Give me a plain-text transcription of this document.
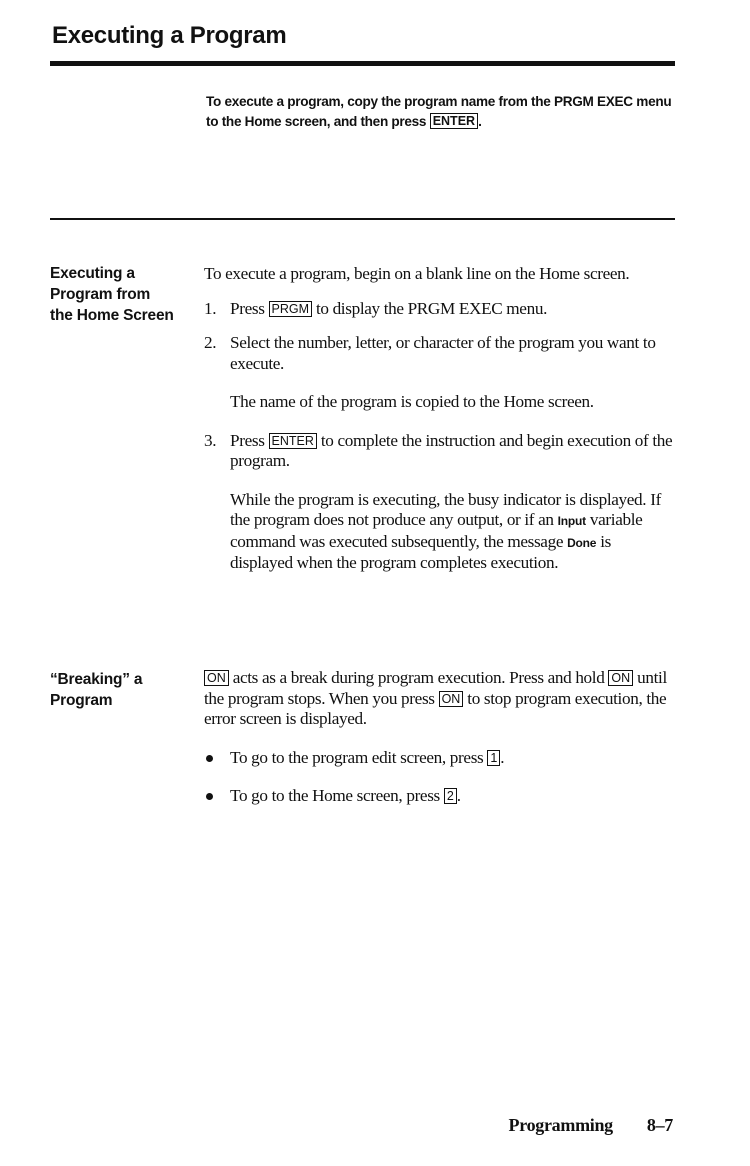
Executing a Program
To execute a program, copy the program name from the PRGM EXEC menu to the Home screen, and then press ENTER .
Executing a
Program from
the Home Screen

To execute a program, begin on a blank line on the Home screen.

1. Press PRGM to display the PRGM EXEC menu.
2. Select the number, letter, or character of the program you want to execute.

The name of the program is copied to the Home screen.

3. Press ENTER to complete the instruction and begin execution of the program.

While the program is executing, the busy indicator is displayed. If the program does not produce any output, or if an Input variable command was executed subsequently, the message Done is displayed when the program completes execution.

“Breaking” a
Program

ON acts as a break during program execution. Press and hold ON until the program stops. When you press ON to stop program execution, the error screen is displayed.

To go to the program edit screen, press 1 .
To go to the Home screen, press 2 .
Programming 8–7
